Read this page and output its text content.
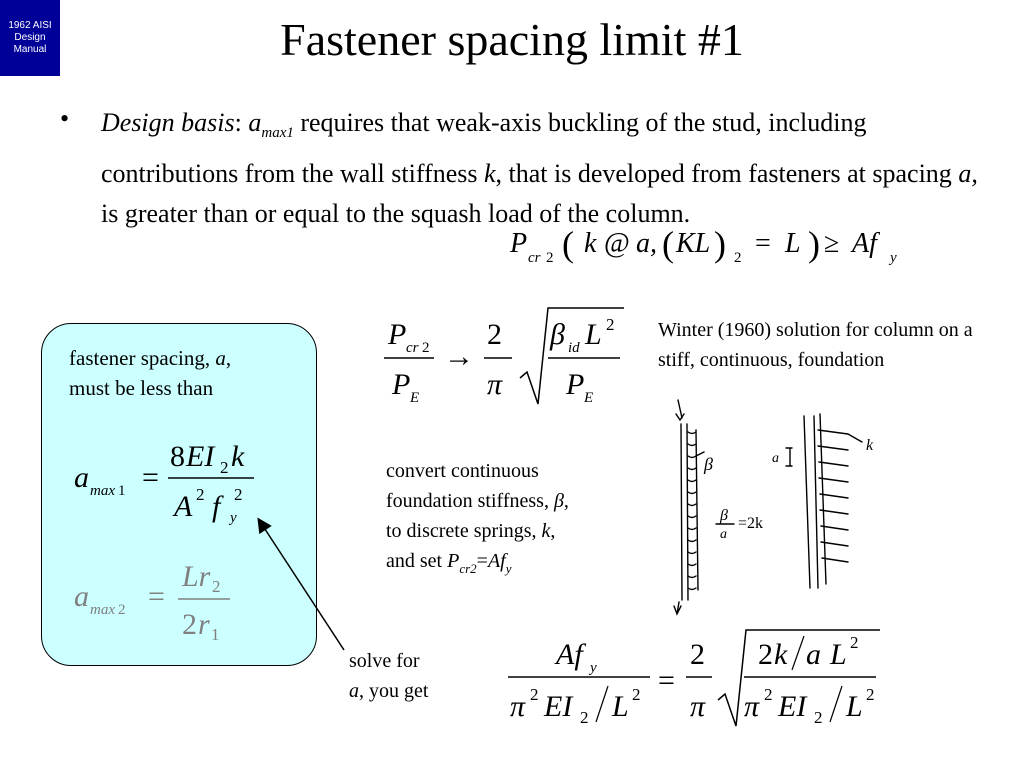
1962 AISI
Design
Manual	Fastener spacing limit #1
• Design basis: $a_{max1}$ requires that weak-axis buckling of the stud, including contributions from the wall stiffness k, that is developed from fasteners at spacing a, is greater than or equal to the squash load of the column.
P cr 2 ( k @ a, ( KL ) 2 = L ) ≥ Af y
fastener spacing, a,
must be less than
a max 1 =
8 EI 2 k
A 2 f y
2
a max 2 =
Lr 2
2 r 1
P cr 2
P E
→
2
π
β id L 2
P E
Af y
π 2 EI 2 L 2 =
2
π
2 k a L 2
π 2 EI 2 L 2
Winter (1960) solution for column on a stiff, continuous, foundation
convert continuous
foundation stiffness, β,
to discrete springs, k,
and set $P_{cr2}=Af_y$
solve for
a, you get
β
β
a
=2k
k
a
